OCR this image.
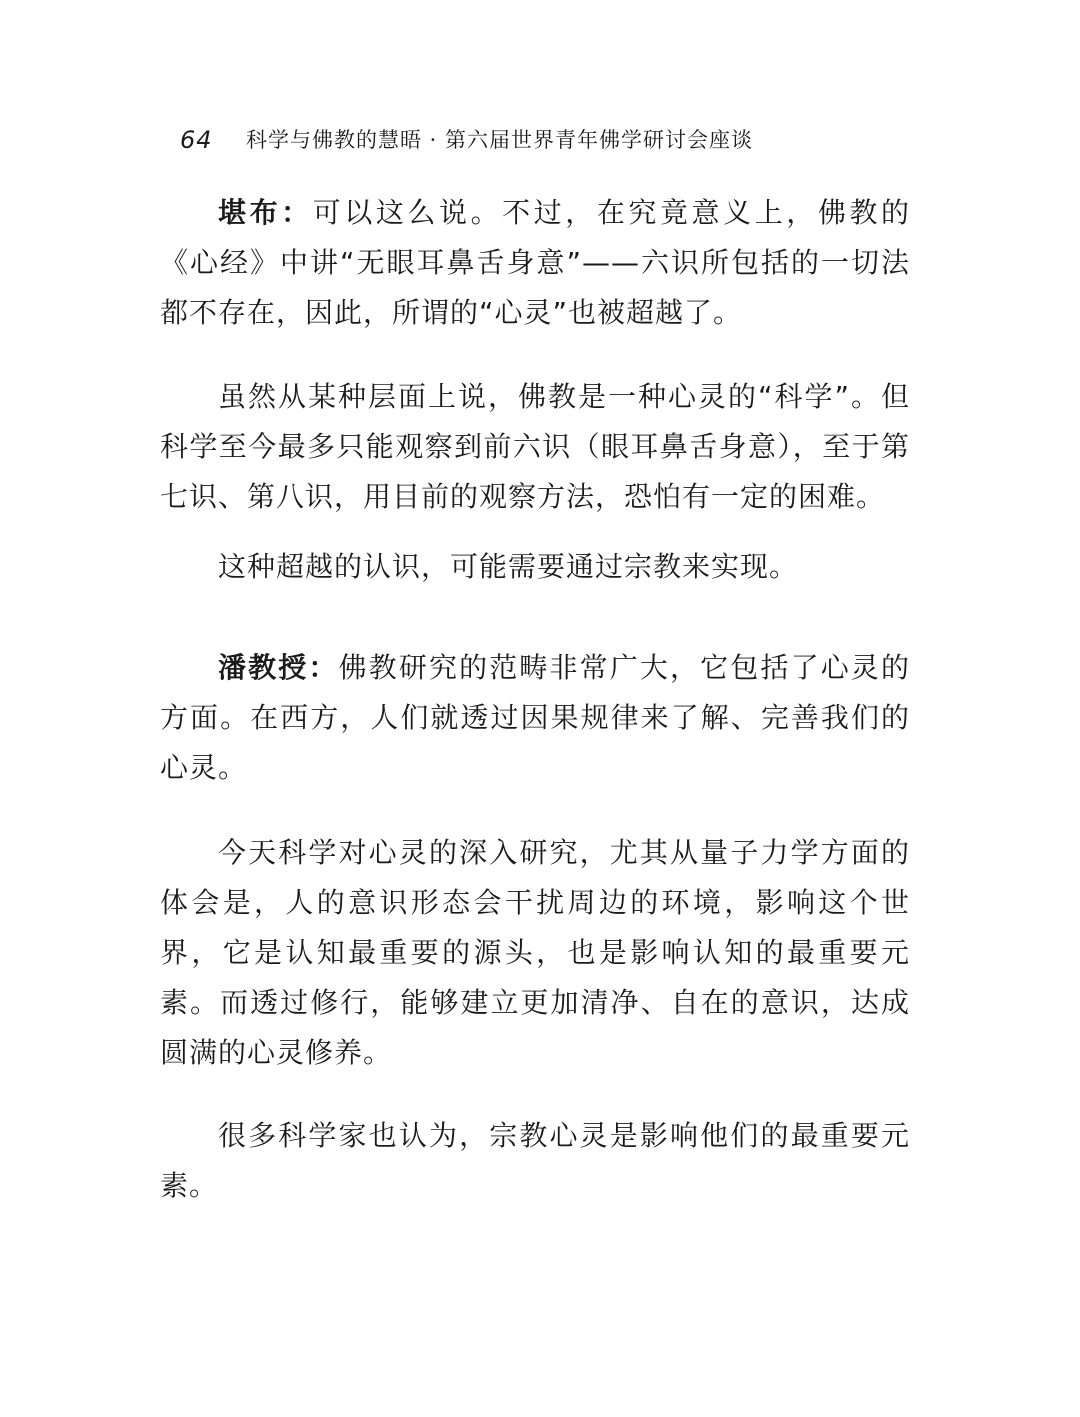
64 科学与佛教的慧晤 · 第六届世界青年佛学研讨会座谈

堪布：可以这么说。不过，在究竟意义上，佛教的《心经》中讲“无眼耳鼻舌身意”——六识所包括的一切法都不存在，因此，所谓的“心灵”也被超越了。

虽然从某种层面上说，佛教是一种心灵的“科学”。但科学至今最多只能观察到前六识（眼耳鼻舌身意），至于第七识、第八识，用目前的观察方法，恐怕有一定的困难。

这种超越的认识，可能需要通过宗教来实现。

潘教授：佛教研究的范畴非常广大，它包括了心灵的方面。在西方，人们就透过因果规律来了解、完善我们的心灵。

今天科学对心灵的深入研究，尤其从量子力学方面的体会是，人的意识形态会干扰周边的环境，影响这个世界，它是认知最重要的源头，也是影响认知的最重要元素。而透过修行，能够建立更加清净、自在的意识，达成圆满的心灵修养。

很多科学家也认为，宗教心灵是影响他们的最重要元素。
